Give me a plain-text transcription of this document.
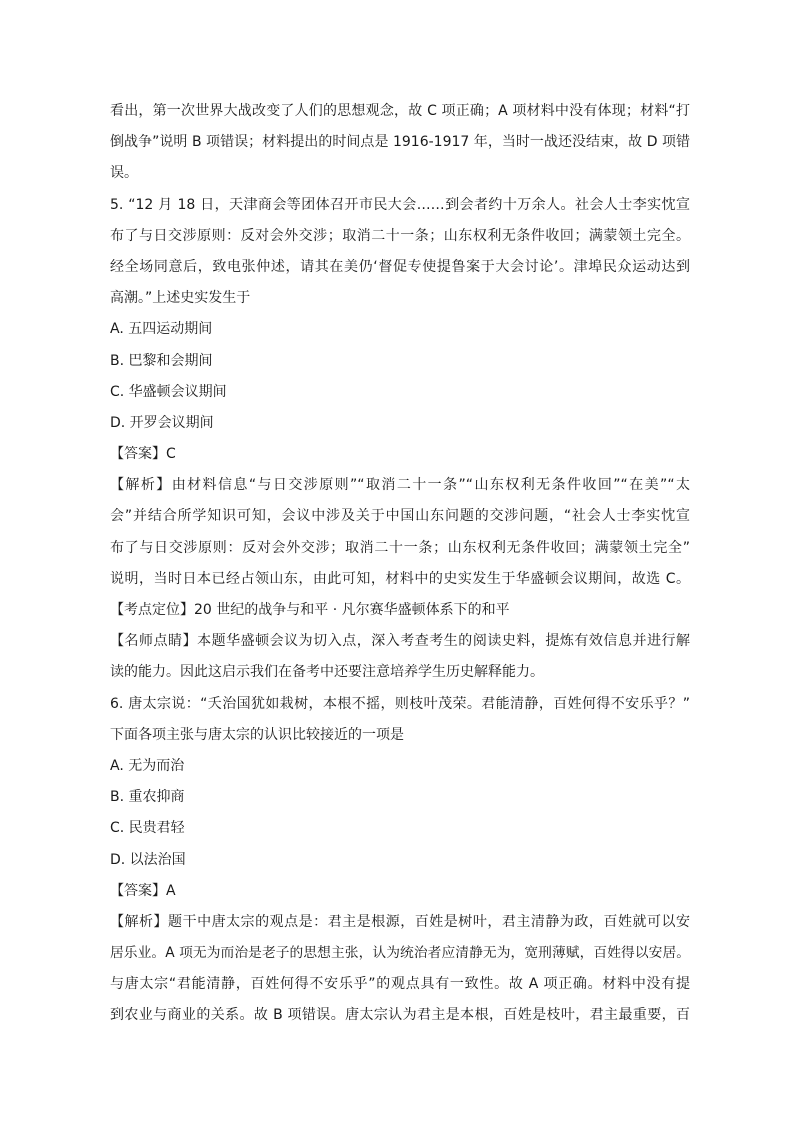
看出，第一次世界大战改变了人们的思想观念，故 C 项正确；A 项材料中没有体现；材料“打
倒战争”说明 B 项错误；材料提出的时间点是 1916-1917 年，当时一战还没结束，故 D 项错
误。
5. “12 月 18 日，天津商会等团体召开市民大会……到会者约十万余人。社会人士李实忱宣
布了与日交涉原则：反对会外交涉；取消二十一条；山东权利无条件收回；满蒙领土完全。
经全场同意后，致电张仲述，请其在美仍‘督促专使提鲁案于大会讨论’。津埠民众运动达到
高潮。”上述史实发生于
A. 五四运动期间
B. 巴黎和会期间
C. 华盛顿会议期间
D. 开罗会议期间
【答案】C
【解析】由材料信息“与日交涉原则”“取消二十一条”“山东权利无条件收回”“在美”“太
会”并结合所学知识可知，会议中涉及关于中国山东问题的交涉问题，“社会人士李实忱宣
布了与日交涉原则：反对会外交涉；取消二十一条；山东权利无条件收回；满蒙领土完全”
说明，当时日本已经占领山东，由此可知，材料中的史实发生于华盛顿会议期间，故选 C。
【考点定位】20 世纪的战争与和平 · 凡尔赛华盛顿体系下的和平
【名师点睛】本题华盛顿会议为切入点，深入考查考生的阅读史料，提炼有效信息并进行解
读的能力。因此这启示我们在备考中还要注意培养学生历史解释能力。
6. 唐太宗说：“夭治国犹如栽树，本根不摇，则枝叶茂荣。君能清静，百姓何得不安乐乎？”
下面各项主张与唐太宗的认识比较接近的一项是
A. 无为而治
B. 重农抑商
C. 民贵君轻
D. 以法治国
【答案】A
【解析】题干中唐太宗的观点是：君主是根源，百姓是树叶，君主清静为政，百姓就可以安
居乐业。A 项无为而治是老子的思想主张，认为统治者应清静无为，宽刑薄赋，百姓得以安居。
与唐太宗“君能清静，百姓何得不安乐乎”的观点具有一致性。故 A 项正确。材料中没有提
到农业与商业的关系。故 B 项错误。唐太宗认为君主是本根，百姓是枝叶，君主最重要，百
